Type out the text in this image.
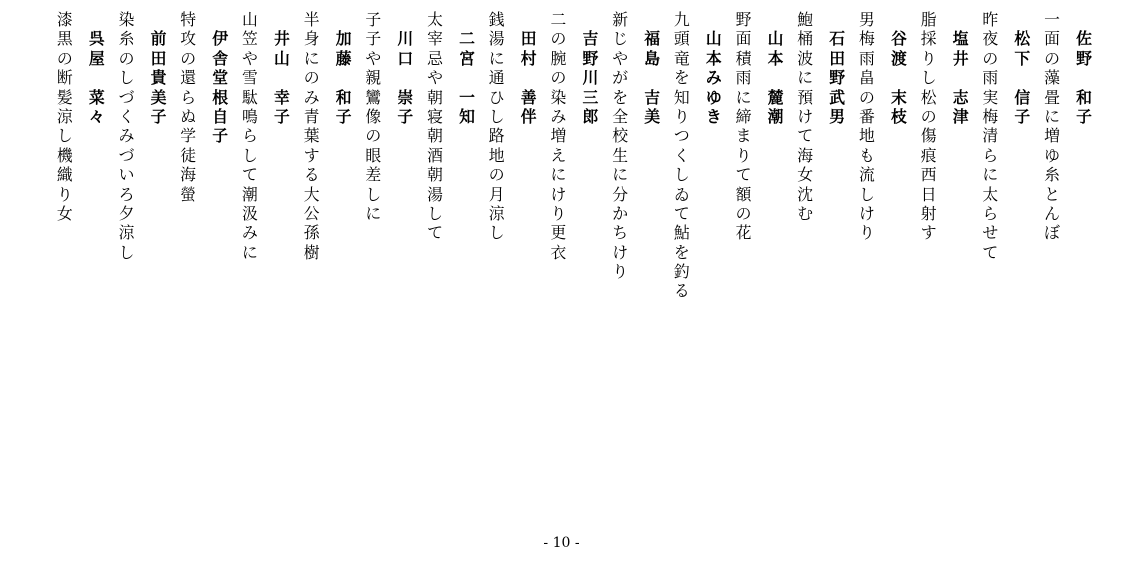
佐
野
和
子
一
面
の
藻
畳
に
増
ゆ
糸
と
ん
ぼ
松
下
信
子
昨
夜
の
雨
実
梅
清
ら
に
太
ら
せ
て
塩
井
志
津
脂
採
り
し
松
の
傷
痕
西
日
射
す
谷
渡
末
枝
男
梅
雨
畠
の
番
地
も
流
し
け
り
石
田
野
武
男
鮑
桶
波
に
預
け
て
海
女
沈
む
山
本
麓
潮
野
面
積
雨
に
締
ま
り
て
額
の
花
山
本
み
ゆ
き
九
頭
竜
を
知
り
つ
く
し
ゐ
て
鮎
を
釣
る
福
島
吉
美
新
じ
や
が
を
全
校
生
に
分
か
ち
け
り
吉
野
川
三
郎
二
の
腕
の
染
み
増
え
に
け
り
更
衣
田
村
善
伴
銭
湯
に
通
ひ
し
路
地
の
月
涼
し
二
宮
一
知
太
宰
忌
や
朝
寝
朝
酒
朝
湯
し
て
川
口
崇
子
子
子
や
親
鸞
像
の
眼
差
し
に
加
藤
和
子
半
身
に
の
み
青
葉
す
る
大
公
孫
樹
井
山
幸
子
山
笠
や
雪
駄
鳴
ら
し
て
潮
汲
み
に
伊
舎
堂
根
自
子
特
攻
の
還
ら
ぬ
学
徒
海
螢
前
田
貴
美
子
染
糸
の
し
づ
く
み
づ
い
ろ
夕
涼
し
呉
屋
菜
々
漆
黒
の
断
髪
涼
し
機
織
り
女
- 10 -
